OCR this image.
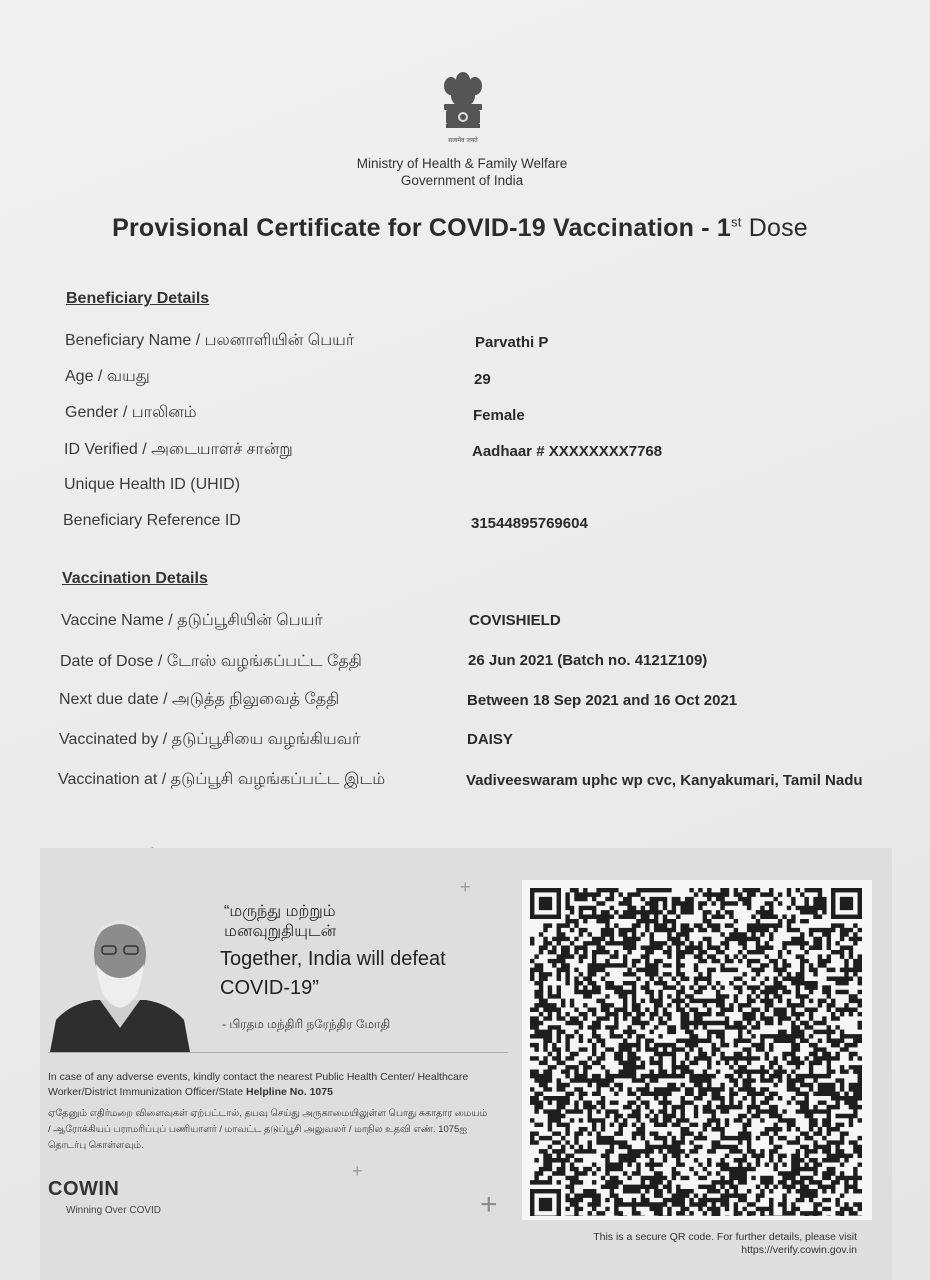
सत्यमेव जयते
Ministry of Health & Family Welfare
Government of India
Provisional Certificate for COVID-19 Vaccination - 1st Dose
Beneficiary Details
Beneficiary Name / பலனாளியின் பெயர்	Parvathi P
Age / வயது	29
Gender / பாலினம்	Female
ID Verified / அடையாளச் சான்று	Aadhaar # XXXXXXXX7768
Unique Health ID (UHID)
Beneficiary Reference ID	31544895769604
Vaccination Details
Vaccine Name / தடுப்பூசியின் பெயர்	COVISHIELD
Date of Dose / டோஸ் வழங்கப்பட்ட தேதி	26 Jun 2021 (Batch no. 4121Z109)
Next due date / அடுத்த நிலுவைத் தேதி	Between 18 Sep 2021 and 16 Oct 2021
Vaccinated by / தடுப்பூசியை வழங்கியவர்	DAISY
Vaccination at / தடுப்பூசி வழங்கப்பட்ட இடம்	Vadiveeswaram uphc wp cvc, Kanyakumari, Tamil Nadu
+
“மருந்து மற்றும் மனவுறுதியுடன்
Together, India will defeat COVID-19”
- பிரதம மந்திரி நரேந்திர மோதி
In case of any adverse events, kindly contact the nearest Public Health Center/ Healthcare Worker/District Immunization Officer/State Helpline No. 1075
ஏதேனும் எதிர்மறை விளைவுகள் ஏற்பட்டால், தயவு செய்து அருகாமையிலுள்ள பொது சுகாதார மையம் / ஆரோக்கியப் பராமரிப்புப் பணியாளர் / மாவட்ட தடுப்பூசி அலுவலர் / மாநில உதவி எண். 1075ஐ தொடர்பு கொள்ளவும்.
+
+
COWIN
Winning Over COVID
This is a secure QR code. For further details, please visit
https://verify.cowin.gov.in
